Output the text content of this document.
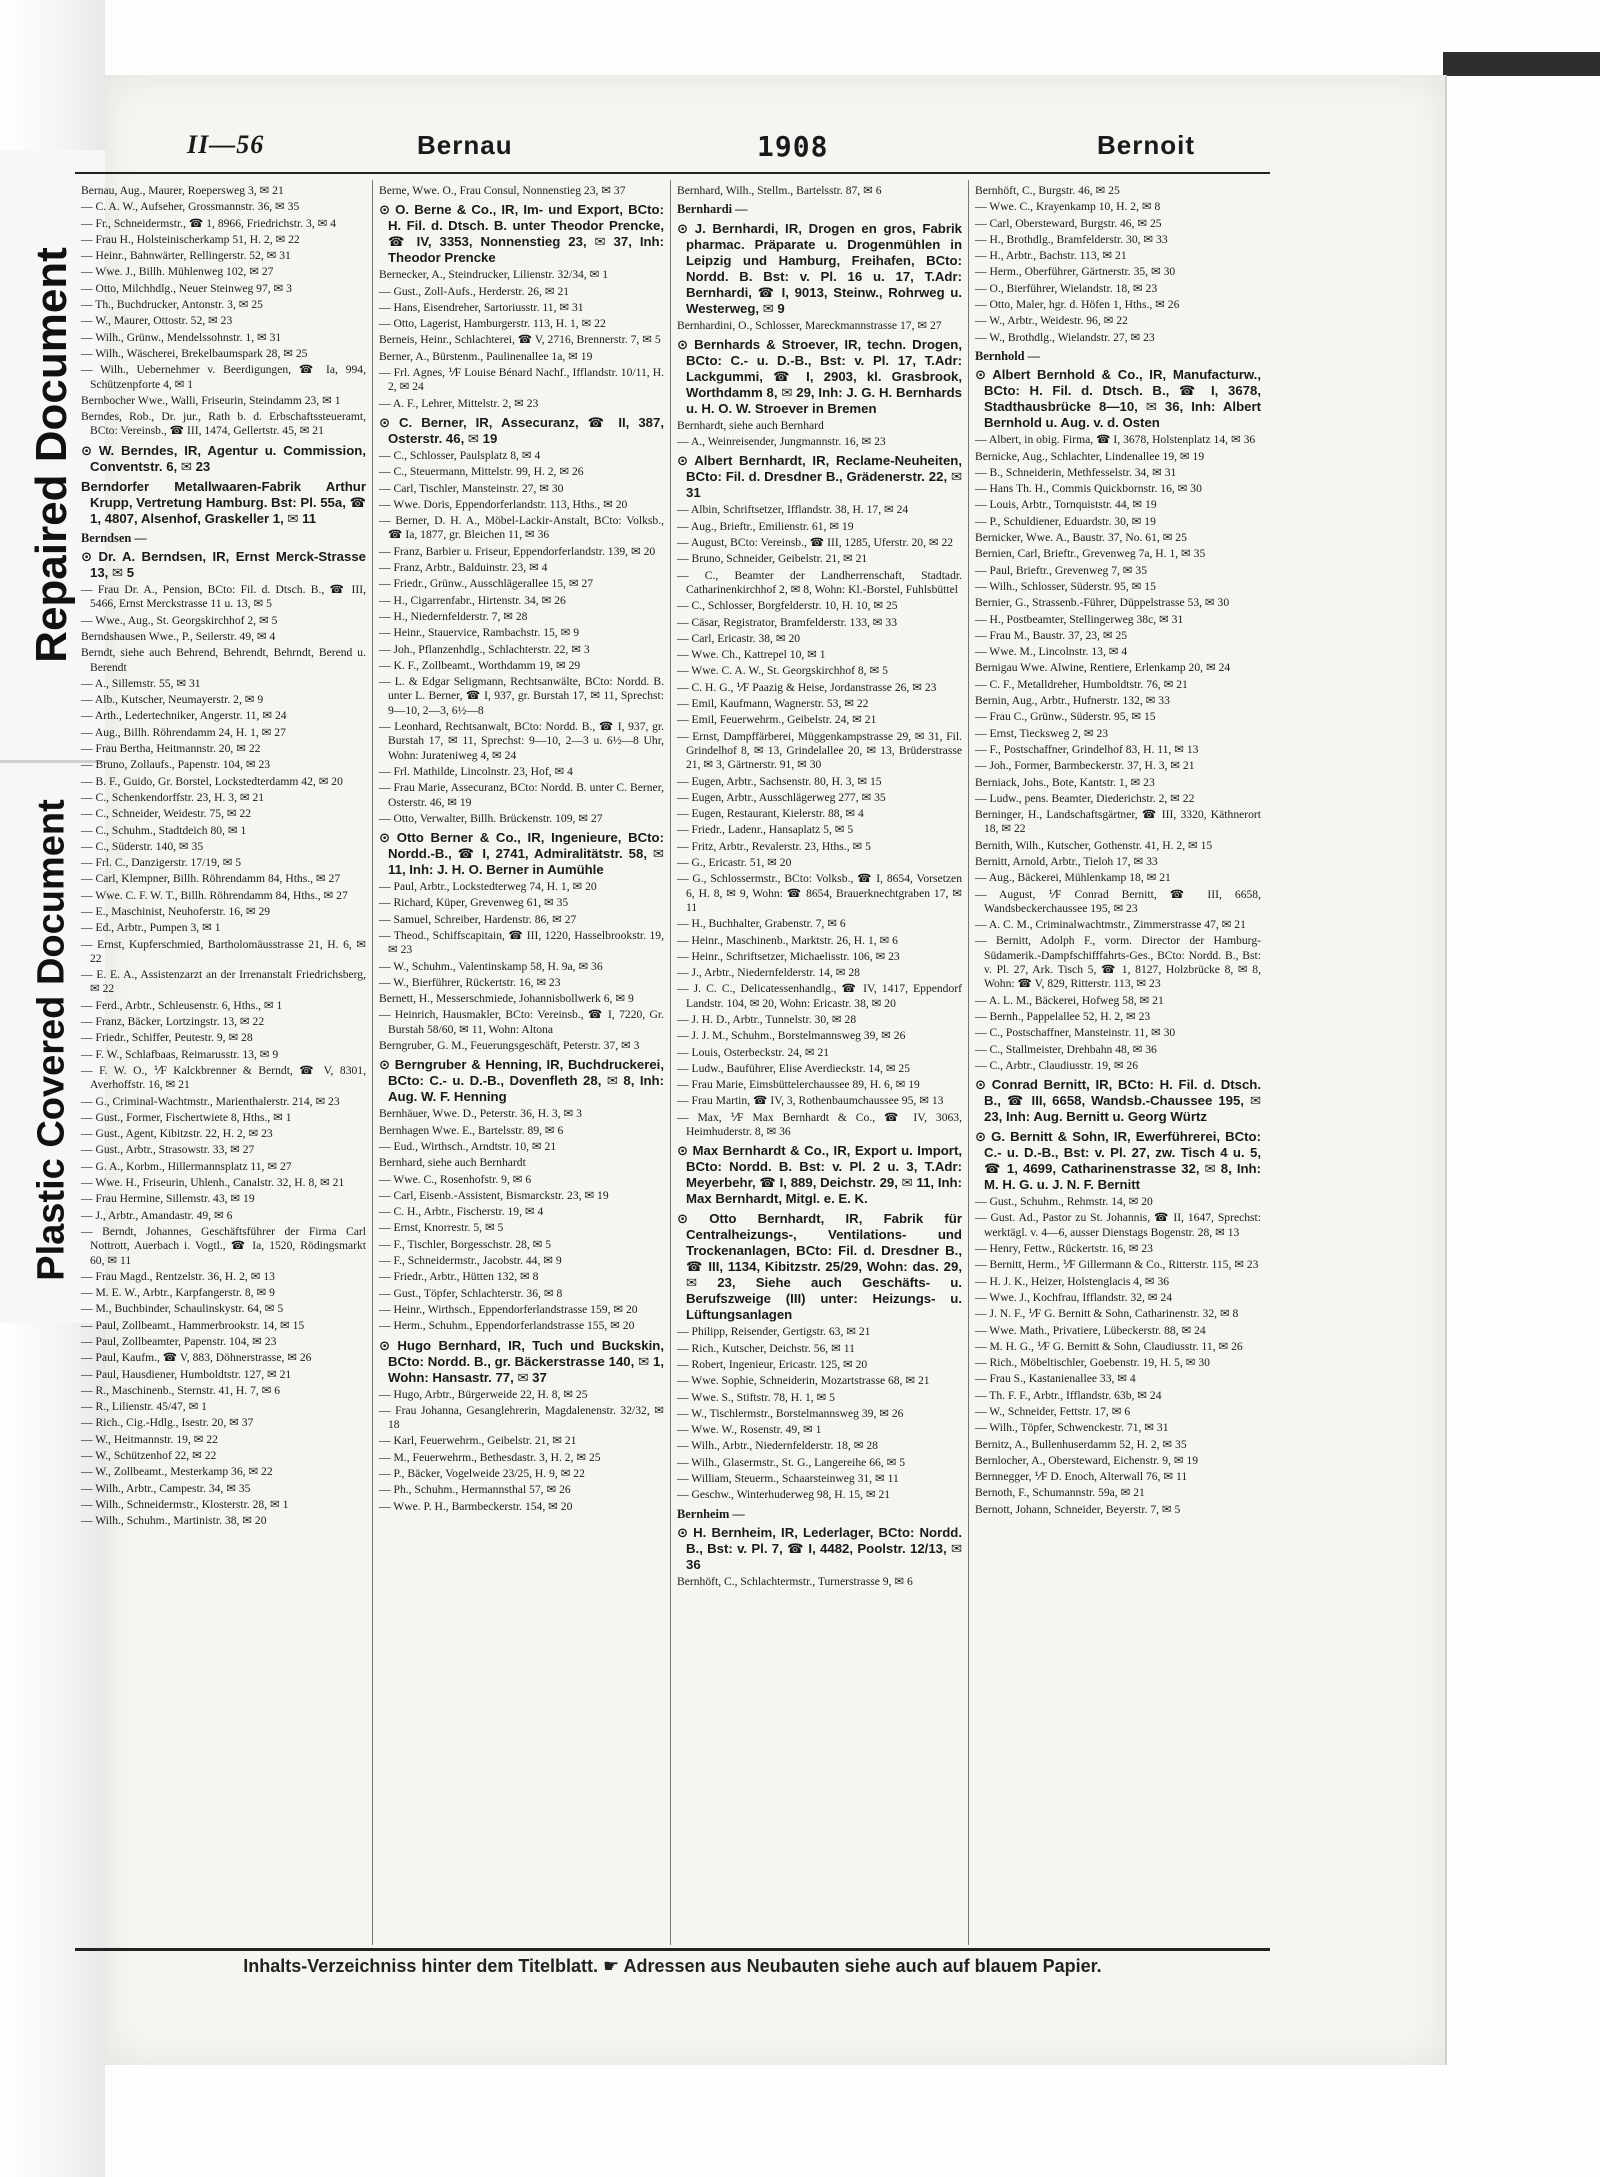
Repaired Document
Plastic Covered Document
II—56	Bernau	1908	Bernoit
Bernau, Aug., Maurer, Roepersweg 3, ✉ 21
— C. A. W., Aufseher, Grossmannstr. 36, ✉ 35
— Fr., Schneidermstr., ☎ 1, 8966, Friedrichstr. 3, ✉ 4
— Frau H., Holsteinischerkamp 51, H. 2, ✉ 22
— Heinr., Bahnwärter, Rellingerstr. 52, ✉ 31
— Wwe. J., Billh. Mühlenweg 102, ✉ 27
— Otto, Milchhdlg., Neuer Steinweg 97, ✉ 3
— Th., Buchdrucker, Antonstr. 3, ✉ 25
— W., Maurer, Ottostr. 52, ✉ 23
— Wilh., Grünw., Mendelssohnstr. 1, ✉ 31
— Wilh., Wäscherei, Brekelbaumspark 28, ✉ 25
— Wilh., Uebernehmer v. Beerdigungen, ☎ Ia, 994, Schützenpforte 4, ✉ 1
Bernbocher Wwe., Walli, Friseurin, Steindamm 23, ✉ 1
Berndes, Rob., Dr. jur., Rath b. d. Erbschaftssteueramt, BCto: Vereinsb., ☎ III, 1474, Gellertstr. 45, ✉ 21
⊙ W. Berndes, IR, Agentur u. Commission, Conventstr. 6, ✉ 23
Berndorfer Metallwaaren-Fabrik Arthur Krupp, Vertretung Hamburg. Bst: Pl. 55a, ☎ 1, 4807, Alsenhof, Graskeller 1, ✉ 11
Berndsen —
⊙ Dr. A. Berndsen, IR, Ernst Merck-Strasse 13, ✉ 5
— Frau Dr. A., Pension, BCto: Fil. d. Dtsch. B., ☎ III, 5466, Ernst Merckstrasse 11 u. 13, ✉ 5
— Wwe., Aug., St. Georgskirchhof 2, ✉ 5
Berndshausen Wwe., P., Seilerstr. 49, ✉ 4
Berndt, siehe auch Behrend, Behrendt, Behrndt, Berend u. Berendt
— A., Sillemstr. 55, ✉ 31
— Alb., Kutscher, Neumayerstr. 2, ✉ 9
— Arth., Ledertechniker, Angerstr. 11, ✉ 24
— Aug., Billh. Röhrendamm 24, H. 1, ✉ 27
— Frau Bertha, Heitmannstr. 20, ✉ 22
— Bruno, Zollaufs., Papenstr. 104, ✉ 23
— B. F., Guido, Gr. Borstel, Lockstedterdamm 42, ✉ 20
— C., Schenkendorffstr. 23, H. 3, ✉ 21
— C., Schneider, Weidestr. 75, ✉ 22
— C., Schuhm., Stadtdeich 80, ✉ 1
— C., Süderstr. 140, ✉ 35
— Frl. C., Danzigerstr. 17/19, ✉ 5
— Carl, Klempner, Billh. Röhrendamm 84, Hths., ✉ 27
— Wwe. C. F. W. T., Billh. Röhrendamm 84, Hths., ✉ 27
— E., Maschinist, Neuhoferstr. 16, ✉ 29
— Ed., Arbtr., Pumpen 3, ✉ 1
— Ernst, Kupferschmied, Bartholomäusstrasse 21, H. 6, ✉ 22
— E. E. A., Assistenzarzt an der Irrenanstalt Friedrichsberg, ✉ 22
— Ferd., Arbtr., Schleusenstr. 6, Hths., ✉ 1
— Franz, Bäcker, Lortzingstr. 13, ✉ 22
— Friedr., Schiffer, Peutestr. 9, ✉ 28
— F. W., Schlafbaas, Reimarusstr. 13, ✉ 9
— F. W. O., ⅟F Kalckbrenner & Berndt, ☎ V, 8301, Averhoffstr. 16, ✉ 21
— G., Criminal-Wachtmstr., Marienthalerstr. 214, ✉ 23
— Gust., Former, Fischertwiete 8, Hths., ✉ 1
— Gust., Agent, Kibitzstr. 22, H. 2, ✉ 23
— Gust., Arbtr., Strasowstr. 33, ✉ 27
— G. A., Korbm., Hillermannsplatz 11, ✉ 27
— Wwe. H., Friseurin, Uhlenh., Canalstr. 32, H. 8, ✉ 21
— Frau Hermine, Sillemstr. 43, ✉ 19
— J., Arbtr., Amandastr. 49, ✉ 6
— Berndt, Johannes, Geschäftsführer der Firma Carl Nottrott, Auerbach i. Vogtl., ☎ Ia, 1520, Rödingsmarkt 60, ✉ 11
— Frau Magd., Rentzelstr. 36, H. 2, ✉ 13
— M. E. W., Arbtr., Karpfangerstr. 8, ✉ 9
— M., Buchbinder, Schaulinskystr. 64, ✉ 5
— Paul, Zollbeamt., Hammerbrookstr. 14, ✉ 15
— Paul, Zollbeamter, Papenstr. 104, ✉ 23
— Paul, Kaufm., ☎ V, 883, Döhnerstrasse, ✉ 26
— Paul, Hausdiener, Humboldtstr. 127, ✉ 21
— R., Maschinenb., Sternstr. 41, H. 7, ✉ 6
— R., Lilienstr. 45/47, ✉ 1
— Rich., Cig.-Hdlg., Isestr. 20, ✉ 37
— W., Heitmannstr. 19, ✉ 22
— W., Schützenhof 22, ✉ 22
— W., Zollbeamt., Mesterkamp 36, ✉ 22
— Wilh., Arbtr., Campestr. 34, ✉ 35
— Wilh., Schneidermstr., Klosterstr. 28, ✉ 1
— Wilh., Schuhm., Martinistr. 38, ✉ 20
Berne, Wwe. O., Frau Consul, Nonnenstieg 23, ✉ 37
⊙ O. Berne & Co., IR, Im- und Export, BCto: H. Fil. d. Dtsch. B. unter Theodor Prencke, ☎ IV, 3353, Nonnenstieg 23, ✉ 37, Inh: Theodor Prencke
Bernecker, A., Steindrucker, Lilienstr. 32/34, ✉ 1
— Gust., Zoll-Aufs., Herderstr. 26, ✉ 21
— Hans, Eisendreher, Sartoriusstr. 11, ✉ 31
— Otto, Lagerist, Hamburgerstr. 113, H. 1, ✉ 22
Berneis, Heinr., Schlachterei, ☎ V, 2716, Brennerstr. 7, ✉ 5
Berner, A., Bürstenm., Paulinenallee 1a, ✉ 19
— Frl. Agnes, ⅟F Louise Bénard Nachf., Ifflandstr. 10/11, H. 2, ✉ 24
— A. F., Lehrer, Mittelstr. 2, ✉ 23
⊙ C. Berner, IR, Assecuranz, ☎ II, 387, Osterstr. 46, ✉ 19
— C., Schlosser, Paulsplatz 8, ✉ 4
— C., Steuermann, Mittelstr. 99, H. 2, ✉ 26
— Carl, Tischler, Mansteinstr. 27, ✉ 30
— Wwe. Doris, Eppendorferlandstr. 113, Hths., ✉ 20
— Berner, D. H. A., Möbel-Lackir-Anstalt, BCto: Volksb., ☎ Ia, 1877, gr. Bleichen 11, ✉ 36
— Franz, Barbier u. Friseur, Eppendorferlandstr. 139, ✉ 20
— Franz, Arbtr., Balduinstr. 23, ✉ 4
— Friedr., Grünw., Ausschlägerallee 15, ✉ 27
— H., Cigarrenfabr., Hirtenstr. 34, ✉ 26
— H., Niedernfelderstr. 7, ✉ 28
— Heinr., Stauervice, Rambachstr. 15, ✉ 9
— Joh., Pflanzenhdlg., Schlachterstr. 22, ✉ 3
— K. F., Zollbeamt., Worthdamm 19, ✉ 29
— L. & Edgar Seligmann, Rechtsanwälte, BCto: Nordd. B. unter L. Berner, ☎ I, 937, gr. Burstah 17, ✉ 11, Sprechst: 9—10, 2—3, 6½—8
— Leonhard, Rechtsanwalt, BCto: Nordd. B., ☎ I, 937, gr. Burstah 17, ✉ 11, Sprechst: 9—10, 2—3 u. 6½—8 Uhr, Wohn: Jurateniweg 4, ✉ 24
— Frl. Mathilde, Lincolnstr. 23, Hof, ✉ 4
— Frau Marie, Assecuranz, BCto: Nordd. B. unter C. Berner, Osterstr. 46, ✉ 19
— Otto, Verwalter, Billh. Brückenstr. 109, ✉ 27
⊙ Otto Berner & Co., IR, Ingenieure, BCto: Nordd.-B., ☎ I, 2741, Admiralitätstr. 58, ✉ 11, Inh: J. H. O. Berner in Aumühle
— Paul, Arbtr., Lockstedterweg 74, H. 1, ✉ 20
— Richard, Küper, Grevenweg 61, ✉ 35
— Samuel, Schreiber, Hardenstr. 86, ✉ 27
— Theod., Schiffscapitain, ☎ III, 1220, Hasselbrookstr. 19, ✉ 23
— W., Schuhm., Valentinskamp 58, H. 9a, ✉ 36
— W., Bierführer, Rückertstr. 16, ✉ 23
Bernett, H., Messerschmiede, Johannisbollwerk 6, ✉ 9
— Heinrich, Hausmakler, BCto: Vereinsb., ☎ I, 7220, Gr. Burstah 58/60, ✉ 11, Wohn: Altona
Berngruber, G. M., Feuerungsgeschäft, Peterstr. 37, ✉ 3
⊙ Berngruber & Henning, IR, Buchdruckerei, BCto: C.- u. D.-B., Dovenfleth 28, ✉ 8, Inh: Aug. W. F. Henning
Bernhäuer, Wwe. D., Peterstr. 36, H. 3, ✉ 3
Bernhagen Wwe. E., Bartelsstr. 89, ✉ 6
— Eud., Wirthsch., Arndtstr. 10, ✉ 21
Bernhard, siehe auch Bernhardt
— Wwe. C., Rosenhofstr. 9, ✉ 6
— Carl, Eisenb.-Assistent, Bismarckstr. 23, ✉ 19
— C. H., Arbtr., Fischerstr. 19, ✉ 4
— Ernst, Knorrestr. 5, ✉ 5
— F., Tischler, Borgesschstr. 28, ✉ 5
— F., Schneidermstr., Jacobstr. 44, ✉ 9
— Friedr., Arbtr., Hütten 132, ✉ 8
— Gust., Töpfer, Schlachterstr. 36, ✉ 8
— Heinr., Wirthsch., Eppendorferlandstrasse 159, ✉ 20
— Herm., Schuhm., Eppendorferlandstrasse 155, ✉ 20
⊙ Hugo Bernhard, IR, Tuch und Buckskin, BCto: Nordd. B., gr. Bäckerstrasse 140, ✉ 1, Wohn: Hansastr. 77, ✉ 37
— Hugo, Arbtr., Bürgerweide 22, H. 8, ✉ 25
— Frau Johanna, Gesanglehrerin, Magdalenenstr. 32/32, ✉ 18
— Karl, Feuerwehrm., Geibelstr. 21, ✉ 21
— M., Feuerwehrm., Bethesdastr. 3, H. 2, ✉ 25
— P., Bäcker, Vogelweide 23/25, H. 9, ✉ 22
— Ph., Schuhm., Hermannsthal 57, ✉ 26
— Wwe. P. H., Barmbeckerstr. 154, ✉ 20
Bernhard, Wilh., Stellm., Bartelsstr. 87, ✉ 6
Bernhardi —
⊙ J. Bernhardi, IR, Drogen en gros, Fabrik pharmac. Präparate u. Drogenmühlen in Leipzig und Hamburg, Freihafen, BCto: Nordd. B. Bst: v. Pl. 16 u. 17, T.Adr: Bernhardi, ☎ I, 9013, Steinw., Rohrweg u. Westerweg, ✉ 9
Bernhardini, O., Schlosser, Mareckmannstrasse 17, ✉ 27
⊙ Bernhards & Stroever, IR, techn. Drogen, BCto: C.- u. D.-B., Bst: v. Pl. 17, T.Adr: Lackgummi, ☎ I, 2903, kl. Grasbrook, Worthdamm 8, ✉ 29, Inh: J. G. H. Bernhards u. H. O. W. Stroever in Bremen
Bernhardt, siehe auch Bernhard
— A., Weinreisender, Jungmannstr. 16, ✉ 23
⊙ Albert Bernhardt, IR, Reclame-Neuheiten, BCto: Fil. d. Dresdner B., Grädenerstr. 22, ✉ 31
— Albin, Schriftsetzer, Ifflandstr. 38, H. 17, ✉ 24
— Aug., Brieftr., Emilienstr. 61, ✉ 19
— August, BCto: Vereinsb., ☎ III, 1285, Uferstr. 20, ✉ 22
— Bruno, Schneider, Geibelstr. 21, ✉ 21
— C., Beamter der Landherrenschaft, Stadtadr. Catharinenkirchhof 2, ✉ 8, Wohn: Kl.-Borstel, Fuhlsbüttel
— C., Schlosser, Borgfelderstr. 10, H. 10, ✉ 25
— Cäsar, Registrator, Bramfelderstr. 133, ✉ 33
— Carl, Ericastr. 38, ✉ 20
— Wwe. Ch., Kattrepel 10, ✉ 1
— Wwe. C. A. W., St. Georgskirchhof 8, ✉ 5
— C. H. G., ⅟F Paazig & Heise, Jordanstrasse 26, ✉ 23
— Emil, Kaufmann, Wagnerstr. 53, ✉ 22
— Emil, Feuerwehrm., Geibelstr. 24, ✉ 21
— Ernst, Dampffärberei, Müggenkampstrasse 29, ✉ 31, Fil. Grindelhof 8, ✉ 13, Grindelallee 20, ✉ 13, Brüderstrasse 21, ✉ 3, Gärtnerstr. 91, ✉ 30
— Eugen, Arbtr., Sachsenstr. 80, H. 3, ✉ 15
— Eugen, Arbtr., Ausschlägerweg 277, ✉ 35
— Eugen, Restaurant, Kielerstr. 88, ✉ 4
— Friedr., Ladenr., Hansaplatz 5, ✉ 5
— Fritz, Arbtr., Revalerstr. 23, Hths., ✉ 5
— G., Ericastr. 51, ✉ 20
— G., Schlossermstr., BCto: Volksb., ☎ I, 8654, Vorsetzen 6, H. 8, ✉ 9, Wohn: ☎ 8654, Brauerknechtgraben 17, ✉ 11
— H., Buchhalter, Grabenstr. 7, ✉ 6
— Heinr., Maschinenb., Marktstr. 26, H. 1, ✉ 6
— Heinr., Schriftsetzer, Michaelisstr. 106, ✉ 23
— J., Arbtr., Niedernfelderstr. 14, ✉ 28
— J. C. C., Delicatessenhandlg., ☎ IV, 1417, Eppendorf Landstr. 104, ✉ 20, Wohn: Ericastr. 38, ✉ 20
— J. H. D., Arbtr., Tunnelstr. 30, ✉ 28
— J. J. M., Schuhm., Borstelmannsweg 39, ✉ 26
— Louis, Osterbeckstr. 24, ✉ 21
— Ludw., Bauführer, Elise Averdieckstr. 14, ✉ 25
— Frau Marie, Eimsbüttelerchaussee 89, H. 6, ✉ 19
— Frau Martin, ☎ IV, 3, Rothenbaumchaussee 95, ✉ 13
— Max, ⅟F Max Bernhardt & Co., ☎ IV, 3063, Heimhuderstr. 8, ✉ 36
⊙ Max Bernhardt & Co., IR, Export u. Import, BCto: Nordd. B. Bst: v. Pl. 2 u. 3, T.Adr: Meyerbehr, ☎ I, 889, Deichstr. 29, ✉ 11, Inh: Max Bernhardt, Mitgl. e. E. K.
⊙ Otto Bernhardt, IR, Fabrik für Centralheizungs-, Ventilations- und Trockenanlagen, BCto: Fil. d. Dresdner B., ☎ III, 1134, Kibitzstr. 25/29, Wohn: das. 29, ✉ 23, Siehe auch Geschäfts- u. Berufszweige (III) unter: Heizungs- u. Lüftungsanlagen
— Philipp, Reisender, Gertigstr. 63, ✉ 21
— Rich., Kutscher, Deichstr. 56, ✉ 11
— Robert, Ingenieur, Ericastr. 125, ✉ 20
— Wwe. Sophie, Schneiderin, Mozartstrasse 68, ✉ 21
— Wwe. S., Stiftstr. 78, H. 1, ✉ 5
— W., Tischlermstr., Borstelmannsweg 39, ✉ 26
— Wwe. W., Rosenstr. 49, ✉ 1
— Wilh., Arbtr., Niedernfelderstr. 18, ✉ 28
— Wilh., Glasermstr., St. G., Langereihe 66, ✉ 5
— William, Steuerm., Schaarsteinweg 31, ✉ 11
— Geschw., Winterhuderweg 98, H. 15, ✉ 21
Bernheim —
⊙ H. Bernheim, IR, Lederlager, BCto: Nordd. B., Bst: v. Pl. 7, ☎ I, 4482, Poolstr. 12/13, ✉ 36
Bernhöft, C., Schlachtermstr., Turnerstrasse 9, ✉ 6
Bernhöft, C., Burgstr. 46, ✉ 25
— Wwe. C., Krayenkamp 10, H. 2, ✉ 8
— Carl, Oberstеward, Burgstr. 46, ✉ 25
— H., Brothdlg., Bramfelderstr. 30, ✉ 33
— H., Arbtr., Bachstr. 113, ✉ 21
— Herm., Oberführer, Gärtnerstr. 35, ✉ 30
— O., Bierführer, Wielandstr. 18, ✉ 23
— Otto, Maler, hgr. d. Höfen 1, Hths., ✉ 26
— W., Arbtr., Weidestr. 96, ✉ 22
— W., Brothdlg., Wielandstr. 27, ✉ 23
Bernhold —
⊙ Albert Bernhold & Co., IR, Manufacturw., BCto: H. Fil. d. Dtsch. B., ☎ I, 3678, Stadthausbrücke 8—10, ✉ 36, Inh: Albert Bernhold u. Aug. v. d. Osten
— Albert, in obig. Firma, ☎ I, 3678, Holstenplatz 14, ✉ 36
Bernicke, Aug., Schlachter, Lindenallee 19, ✉ 19
— B., Schneiderin, Methfesselstr. 34, ✉ 31
— Hans Th. H., Commis Quickbornstr. 16, ✉ 30
— Louis, Arbtr., Tornquiststr. 44, ✉ 19
— P., Schuldiener, Eduardstr. 30, ✉ 19
Bernicker, Wwe. A., Baustr. 37, No. 61, ✉ 25
Bernien, Carl, Brieftr., Grevenweg 7a, H. 1, ✉ 35
— Paul, Brieftr., Grevenweg 7, ✉ 35
— Wilh., Schlosser, Süderstr. 95, ✉ 15
Bernier, G., Strassenb.-Führer, Düppelstrasse 53, ✉ 30
— H., Postbeamter, Stellingerweg 38c, ✉ 31
— Frau M., Baustr. 37, 23, ✉ 25
— Wwe. M., Lincolnstr. 13, ✉ 4
Bernigau Wwe. Alwine, Rentiere, Erlenkamp 20, ✉ 24
— C. F., Metalldreher, Humboldtstr. 76, ✉ 21
Bernin, Aug., Arbtr., Hufnerstr. 132, ✉ 33
— Frau C., Grünw., Süderstr. 95, ✉ 15
— Ernst, Tiecksweg 2, ✉ 23
— F., Postschaffner, Grindelhof 83, H. 11, ✉ 13
— Joh., Former, Barmbeckerstr. 37, H. 3, ✉ 21
Berniack, Johs., Bote, Kantstr. 1, ✉ 23
— Ludw., pens. Beamter, Diederichstr. 2, ✉ 22
Berninger, H., Landschaftsgärtner, ☎ III, 3320, Käthnerort 18, ✉ 22
Bernith, Wilh., Kutscher, Gothenstr. 41, H. 2, ✉ 15
Bernitt, Arnold, Arbtr., Tieloh 17, ✉ 33
— Aug., Bäckerei, Mühlenkamp 18, ✉ 21
— August, ⅟F Conrad Bernitt, ☎ III, 6658, Wandsbeckerchaussee 195, ✉ 23
— A. C. M., Criminalwachtmstr., Zimmerstrasse 47, ✉ 21
— Bernitt, Adolph F., vorm. Director der Hamburg-Südamerik.-Dampfschifffahrts-Ges., BCto: Nordd. B., Bst: v. Pl. 27, Ark. Tisch 5, ☎ 1, 8127, Holzbrücke 8, ✉ 8, Wohn: ☎ V, 829, Ritterstr. 113, ✉ 23
— A. L. M., Bäckerei, Hofweg 58, ✉ 21
— Bernh., Pappelallee 52, H. 2, ✉ 23
— C., Postschaffner, Mansteinstr. 11, ✉ 30
— C., Stallmeister, Drehbahn 48, ✉ 36
— C., Arbtr., Claudiusstr. 19, ✉ 26
⊙ Conrad Bernitt, IR, BCto: H. Fil. d. Dtsch. B., ☎ III, 6658, Wandsb.-Chaussee 195, ✉ 23, Inh: Aug. Bernitt u. Georg Würtz
⊙ G. Bernitt & Sohn, IR, Ewerführerei, BCto: C.- u. D.-B., Bst: v. Pl. 27, zw. Tisch 4 u. 5, ☎ 1, 4699, Catharinenstrasse 32, ✉ 8, Inh: M. H. G. u. J. N. F. Bernitt
— Gust., Schuhm., Rehmstr. 14, ✉ 20
— Gust. Ad., Pastor zu St. Johannis, ☎ II, 1647, Sprechst: werktägl. v. 4—6, ausser Dienstags Bogenstr. 28, ✉ 13
— Henry, Fettw., Rückertstr. 16, ✉ 23
— Bernitt, Herm., ⅟F Gillermann & Co., Ritterstr. 115, ✉ 23
— H. J. K., Heizer, Holstenglacis 4, ✉ 36
— Wwe. J., Kochfrau, Ifflandstr. 32, ✉ 24
— J. N. F., ⅟F G. Bernitt & Sohn, Catharinenstr. 32, ✉ 8
— Wwe. Math., Privatiere, Lübeckerstr. 88, ✉ 24
— M. H. G., ⅟F G. Bernitt & Sohn, Claudiusstr. 11, ✉ 26
— Rich., Möbeltischler, Goebenstr. 19, H. 5, ✉ 30
— Frau S., Kastanienallee 33, ✉ 4
— Th. F. F., Arbtr., Ifflandstr. 63b, ✉ 24
— W., Schneider, Fettstr. 17, ✉ 6
— Wilh., Töpfer, Schwenckestr. 71, ✉ 31
Bernitz, A., Bullenhuserdamm 52, H. 2, ✉ 35
Bernlocher, A., Oberstеward, Eichenstr. 9, ✉ 19
Bernnegger, ⅟F D. Enoch, Alterwall 76, ✉ 11
Bernoth, F., Schumannstr. 59a, ✉ 21
Bernott, Johann, Schneider, Beyerstr. 7, ✉ 5
Inhalts-Verzeichniss hinter dem Titelblatt. ☛ Adressen aus Neubauten siehe auch auf blauem Papier.
